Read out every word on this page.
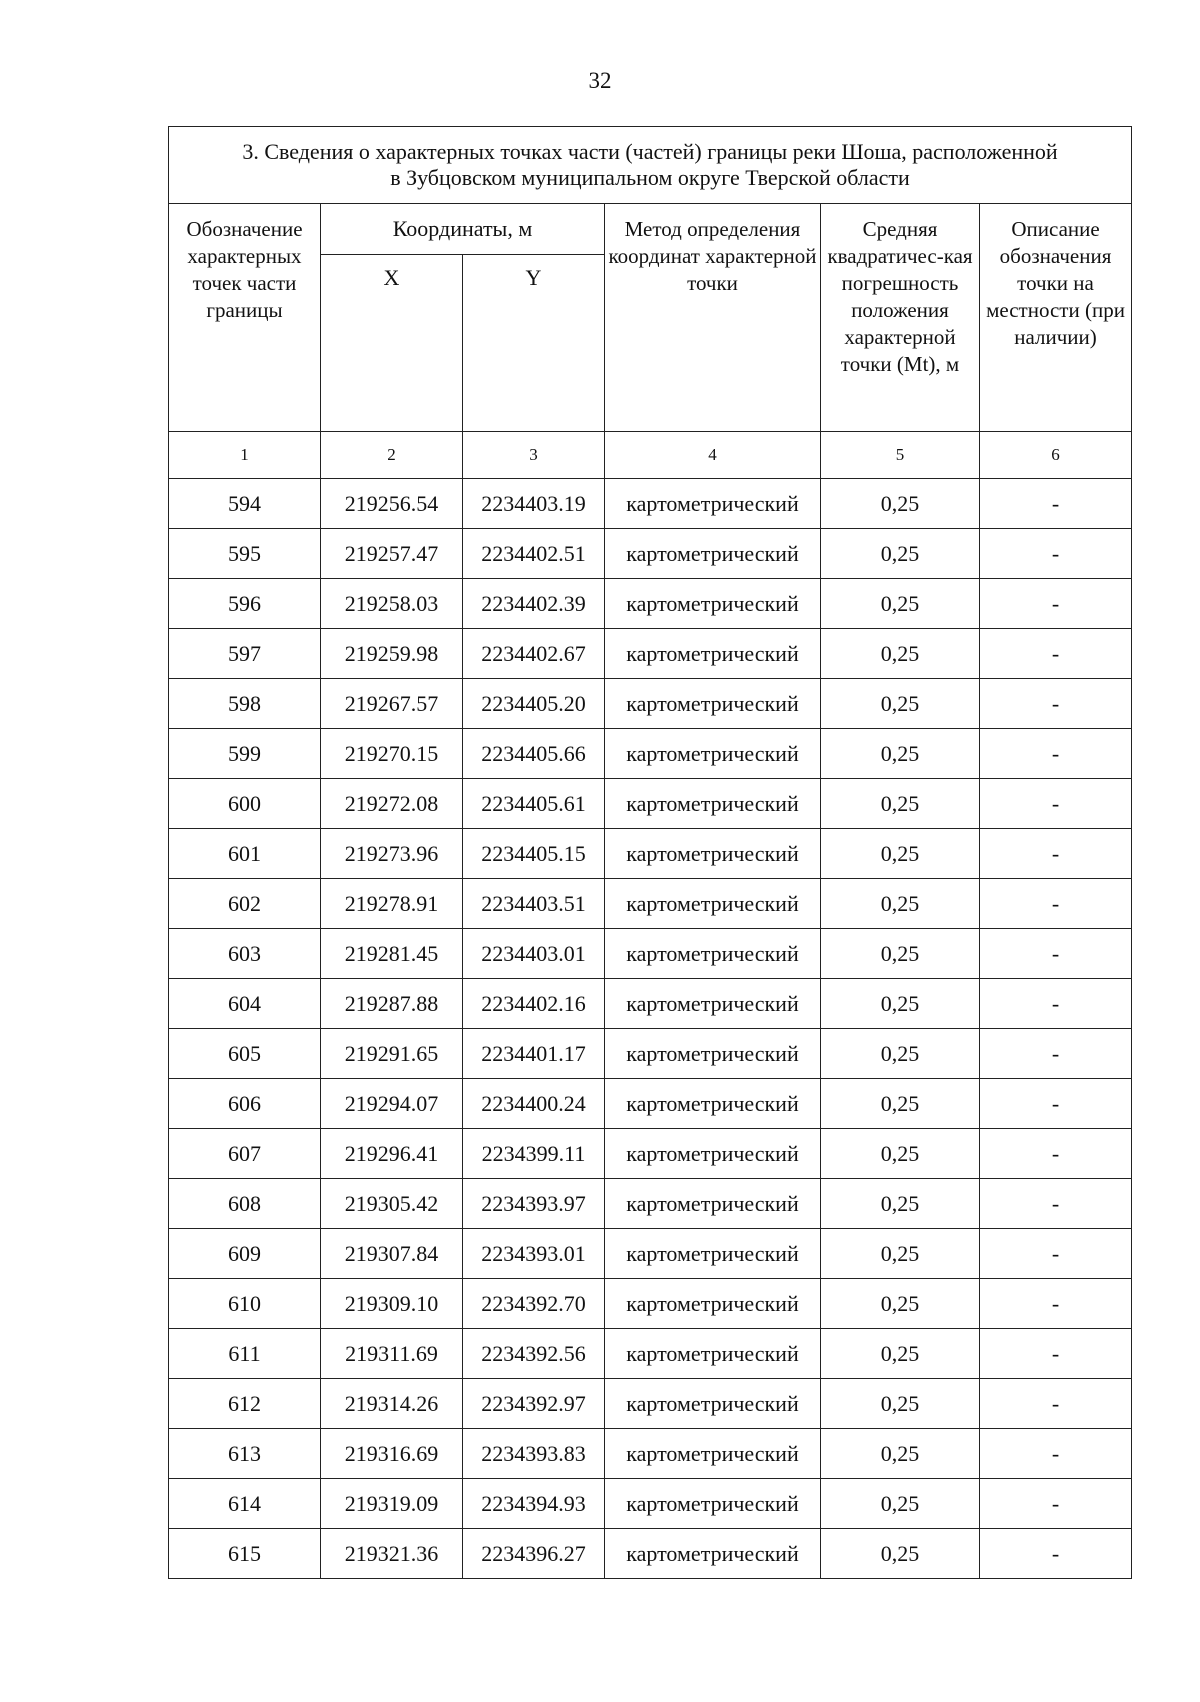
32
3. Сведения о характерных точках части (частей) границы реки Шоша, расположенной
в Зубцовском муниципальном округе Тверской области					

Обозначение характерных точек части границы	Координаты, м		Метод определения координат характерной точки	Средняя квадратичес-кая погрешность положения характерной точки (Mt), м	Описание обозначения точки на местности (при наличии)
	X	Y			
1	2	3	4	5	6
594	219256.54	2234403.19	картометрический	0,25	-
595	219257.47	2234402.51	картометрический	0,25	-
596	219258.03	2234402.39	картометрический	0,25	-
597	219259.98	2234402.67	картометрический	0,25	-
598	219267.57	2234405.20	картометрический	0,25	-
599	219270.15	2234405.66	картометрический	0,25	-
600	219272.08	2234405.61	картометрический	0,25	-
601	219273.96	2234405.15	картометрический	0,25	-
602	219278.91	2234403.51	картометрический	0,25	-
603	219281.45	2234403.01	картометрический	0,25	-
604	219287.88	2234402.16	картометрический	0,25	-
605	219291.65	2234401.17	картометрический	0,25	-
606	219294.07	2234400.24	картометрический	0,25	-
607	219296.41	2234399.11	картометрический	0,25	-
608	219305.42	2234393.97	картометрический	0,25	-
609	219307.84	2234393.01	картометрический	0,25	-
610	219309.10	2234392.70	картометрический	0,25	-
611	219311.69	2234392.56	картометрический	0,25	-
612	219314.26	2234392.97	картометрический	0,25	-
613	219316.69	2234393.83	картометрический	0,25	-
614	219319.09	2234394.93	картометрический	0,25	-
615	219321.36	2234396.27	картометрический	0,25	-
